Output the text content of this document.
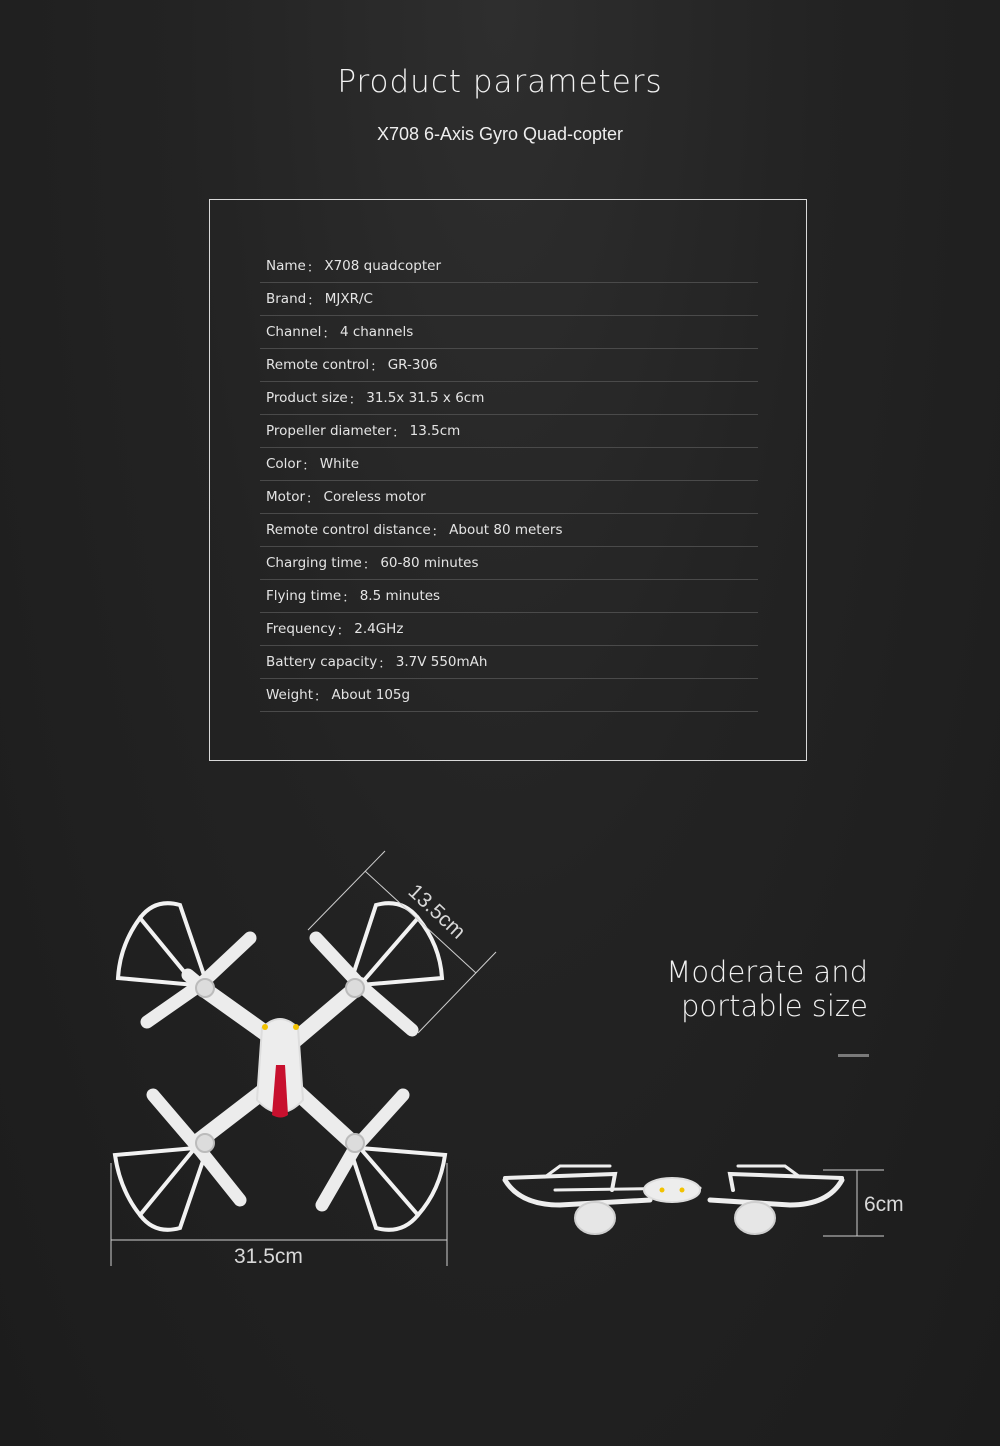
Product parameters
X708 6-Axis Gyro Quad-copter
Name ： X708 quadcopter
Brand ： MJXR/C
Channel ： 4 channels
Remote control ： GR-306
Product size ： 31.5x 31.5 x 6cm
Propeller diameter ： 13.5cm
Color ： White
Motor ： Coreless motor
Remote control distance ： About 80 meters
Charging time ： 60-80 minutes
Flying time ： 8.5 minutes
Frequency ： 2.4GHz
Battery capacity ： 3.7V 550mAh
Weight ： About 105g
Moderate and
portable size
13.5cm
31.5cm
6cm
